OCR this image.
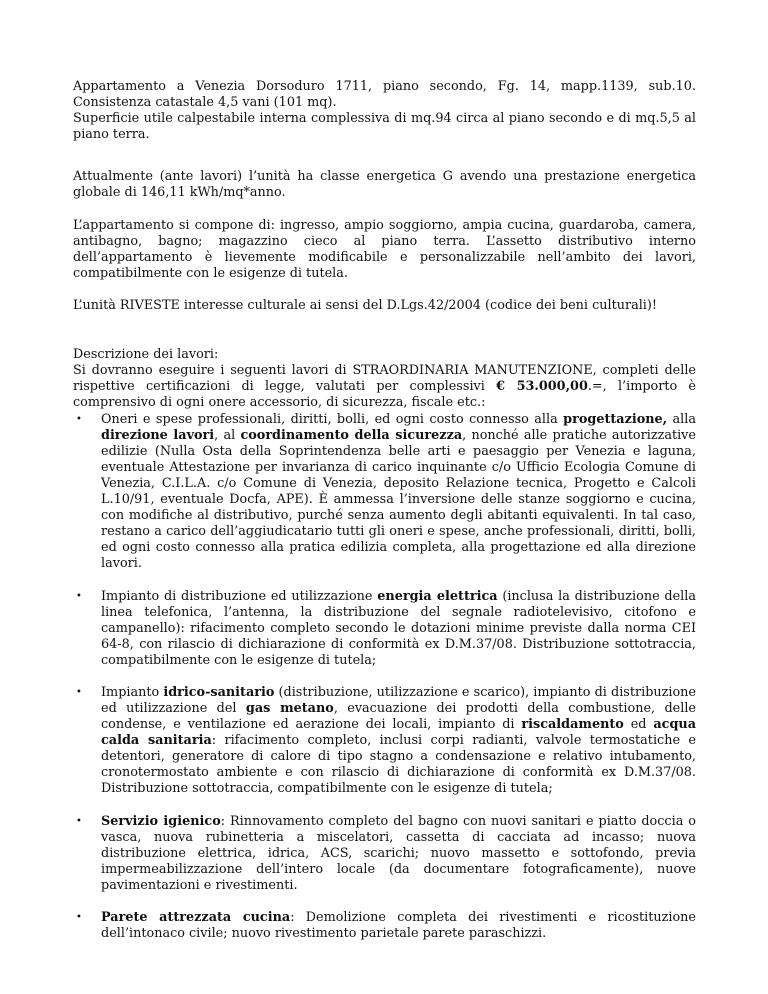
Appartamento a Venezia Dorsoduro 1711, piano secondo, Fg. 14, mapp.1139, sub.10. Consistenza catastale 4,5 vani (101 mq).
Superficie utile calpestabile interna complessiva di mq.94 circa al piano secondo e di mq.5,5 al piano terra.

Attualmente (ante lavori) l’unità ha classe energetica G avendo una prestazione energetica globale di 146,11 kWh/mq*anno.

L’appartamento si compone di: ingresso, ampio soggiorno, ampia cucina, guardaroba, camera, antibagno, bagno; magazzino cieco al piano terra. L’assetto distributivo interno dell’appartamento è lievemente modificabile e personalizzabile nell’ambito dei lavori, compatibilmente con le esigenze di tutela.

L’unità RIVESTE interesse culturale ai sensi del D.Lgs.42/2004 (codice dei beni culturali)!

Descrizione dei lavori:
Si dovranno eseguire i seguenti lavori di STRAORDINARIA MANUTENZIONE, completi delle rispettive certificazioni di legge, valutati per complessivi € 53.000,00.=, l’importo è comprensivo di ogni onere accessorio, di sicurezza, fiscale etc.:

• Oneri e spese professionali, diritti, bolli, ed ogni costo connesso alla progettazione, alla direzione lavori, al coordinamento della sicurezza, nonché alle pratiche autorizzative edilizie (Nulla Osta della Soprintendenza belle arti e paesaggio per Venezia e laguna, eventuale Attestazione per invarianza di carico inquinante c/o Ufficio Ecologia Comune di Venezia, C.I.L.A. c/o Comune di Venezia, deposito Relazione tecnica, Progetto e Calcoli L.10/91, eventuale Docfa, APE). È ammessa l’inversione delle stanze soggiorno e cucina, con modifiche al distributivo, purché senza aumento degli abitanti equivalenti. In tal caso, restano a carico dell’aggiudicatario tutti gli oneri e spese, anche professionali, diritti, bolli, ed ogni costo connesso alla pratica edilizia completa, alla progettazione ed alla direzione lavori.

• Impianto di distribuzione ed utilizzazione energia elettrica (inclusa la distribuzione della linea telefonica, l’antenna, la distribuzione del segnale radiotelevisivo, citofono e campanello): rifacimento completo secondo le dotazioni minime previste dalla norma CEI 64-8, con rilascio di dichiarazione di conformità ex D.M.37/08. Distribuzione sottotraccia, compatibilmente con le esigenze di tutela;

• Impianto idrico-sanitario (distribuzione, utilizzazione e scarico), impianto di distribuzione ed utilizzazione del gas metano, evacuazione dei prodotti della combustione, delle condense, e ventilazione ed aerazione dei locali, impianto di riscaldamento ed acqua calda sanitaria: rifacimento completo, inclusi corpi radianti, valvole termostatiche e detentori, generatore di calore di tipo stagno a condensazione e relativo intubamento, cronotermostato ambiente e con rilascio di dichiarazione di conformità ex D.M.37/08. Distribuzione sottotraccia, compatibilmente con le esigenze di tutela;

• Servizio igienico: Rinnovamento completo del bagno con nuovi sanitari e piatto doccia o vasca, nuova rubinetteria a miscelatori, cassetta di cacciata ad incasso; nuova distribuzione elettrica, idrica, ACS, scarichi; nuovo massetto e sottofondo, previa impermeabilizzazione dell’intero locale (da documentare fotograficamente), nuove pavimentazioni e rivestimenti.

• Parete attrezzata cucina: Demolizione completa dei rivestimenti e ricostituzione dell’intonaco civile; nuovo rivestimento parietale parete paraschizzi.
